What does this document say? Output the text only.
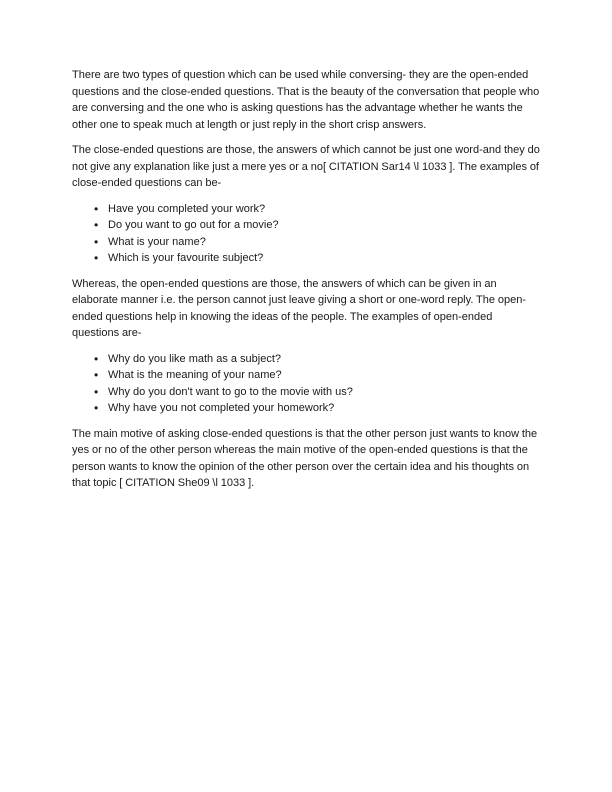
There are two types of question which can be used while conversing- they are the open-ended questions and the close-ended questions. That is the beauty of the conversation that people who are conversing and the one who is asking questions has the advantage whether he wants the other one to speak much at length or just reply in the short crisp answers.

The close-ended questions are those, the answers of which cannot be just one word-and they do not give any explanation like just a mere yes or a no[ CITATION Sar14 \l 1033 ]. The examples of close-ended questions can be-

• Have you completed your work?
• Do you want to go out for a movie?
• What is your name?
• Which is your favourite subject?

Whereas, the open-ended questions are those, the answers of which can be given in an elaborate manner i.e. the person cannot just leave giving a short or one-word reply. The open-ended questions help in knowing the ideas of the people. The examples of open-ended questions are-

• Why do you like math as a subject?
• What is the meaning of your name?
• Why do you don't want to go to the movie with us?
• Why have you not completed your homework?

The main motive of asking close-ended questions is that the other person just wants to know the yes or no of the other person whereas the main motive of the open-ended questions is that the person wants to know the opinion of the other person over the certain idea and his thoughts on that topic [ CITATION She09 \l 1033 ].
